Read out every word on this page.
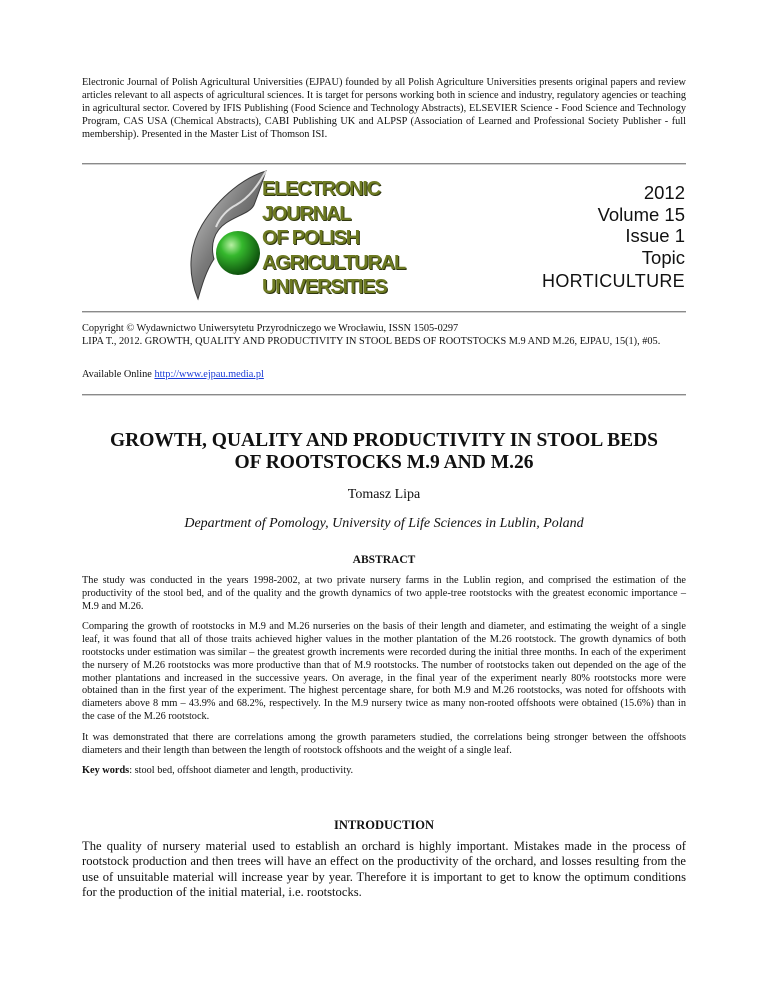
Electronic Journal of Polish Agricultural Universities (EJPAU) founded by all Polish Agriculture Universities presents original papers and review articles relevant to all aspects of agricultural sciences. It is target for persons working both in science and industry, regulatory agencies or teaching in agricultural sector. Covered by IFIS Publishing (Food Science and Technology Abstracts), ELSEVIER Science - Food Science and Technology Program, CAS USA (Chemical Abstracts), CABI Publishing UK and ALPSP (Association of Learned and Professional Society Publisher - full membership). Presented in the Master List of Thomson ISI.
ELECTRONIC
JOURNAL
OF POLISH
AGRICULTURAL
UNIVERSITIES
2012
Volume 15
Issue 1
Topic
HORTICULTURE
Copyright © Wydawnictwo Uniwersytetu Przyrodniczego we Wrocławiu, ISSN 1505-0297
LIPA T., 2012. GROWTH, QUALITY AND PRODUCTIVITY IN STOOL BEDS OF ROOTSTOCKS M.9 AND M.26, EJPAU, 15(1), #05.
Available Online http://www.ejpau.media.pl
GROWTH, QUALITY AND PRODUCTIVITY IN STOOL BEDS
OF ROOTSTOCKS M.9 AND M.26
Tomasz Lipa
Department of Pomology, University of Life Sciences in Lublin, Poland
ABSTRACT

The study was conducted in the years 1998-2002, at two private nursery farms in the Lublin region, and comprised the estimation of the productivity of the stool bed, and of the quality and the growth dynamics of two apple-tree rootstocks with the greatest economic importance – M.9 and M.26.

Comparing the growth of rootstocks in M.9 and M.26 nurseries on the basis of their length and diameter, and estimating the weight of a single leaf, it was found that all of those traits achieved higher values in the mother plantation of the M.26 rootstock. The growth dynamics of both rootstocks under estimation was similar – the greatest growth increments were recorded during the initial three months. In each of the experiment the nursery of M.26 rootstocks was more productive than that of M.9 rootstocks. The number of rootstocks taken out depended on the age of the mother plantations and increased in the successive years. On average, in the final year of the experiment nearly 80% rootstocks more were obtained than in the first year of the experiment. The highest percentage share, for both M.9 and M.26 rootstocks, was noted for offshoots with diameters above 8 mm – 43.9% and 68.2%, respectively. In the M.9 nursery twice as many non-rooted offshoots were obtained (15.6%) than in the case of the M.26 rootstock.

It was demonstrated that there are correlations among the growth parameters studied, the correlations being stronger between the offshoots diameters and their length than between the length of rootstock offshoots and the weight of a single leaf.

Key words: stool bed, offshoot diameter and length, productivity.

INTRODUCTION
The quality of nursery material used to establish an orchard is highly important. Mistakes made in the process of rootstock production and then trees will have an effect on the productivity of the orchard, and losses resulting from the use of unsuitable material will increase year by year. Therefore it is important to get to know the optimum conditions for the production of the initial material, i.e. rootstocks.
